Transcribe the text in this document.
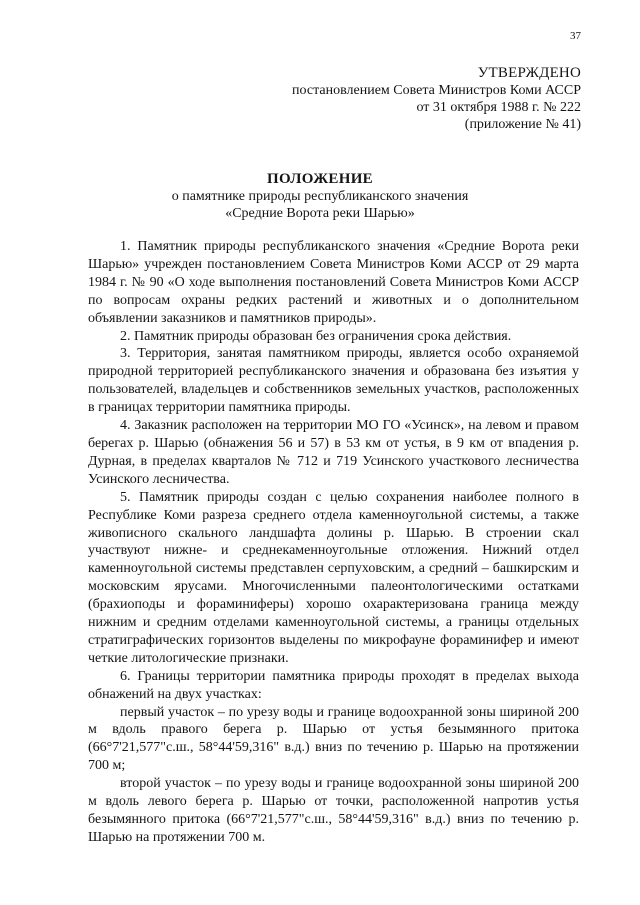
37
УТВЕРЖДЕНО
постановлением Совета Министров Коми АССР
от 31 октября 1988 г. № 222
(приложение № 41)
ПОЛОЖЕНИЕ
о памятнике природы республиканского значения
«Средние Ворота реки Шарью»

1. Памятник природы республиканского значения «Средние Ворота реки Шарью» учрежден постановлением Совета Министров Коми АССР от 29 марта 1984 г. № 90 «О ходе выполнения постановлений Совета Министров Коми АССР по вопросам охраны редких растений и животных и о дополнительном объявлении заказников и памятников природы».

2. Памятник природы образован без ограничения срока действия.

3. Территория, занятая памятником природы, является особо охраняемой природной территорией республиканского значения и образована без изъятия у пользователей, владельцев и собственников земельных участков, расположенных в границах территории памятника природы.

4. Заказник расположен на территории МО ГО «Усинск», на левом и правом берегах р. Шарью (обнажения 56 и 57) в 53 км от устья, в 9 км от впадения р. Дурная, в пределах кварталов № 712 и 719 Усинского участкового лесничества Усинского лесничества.

5. Памятник природы создан с целью сохранения наиболее полного в Республике Коми разреза среднего отдела каменноугольной системы, а также живописного скального ландшафта долины р. Шарью. В строении скал участвуют нижне- и среднекаменноугольные отложения. Нижний отдел каменноугольной системы представлен серпуховским, а средний – башкирским и московским ярусами. Многочисленными палеонтологическими остатками (брахиоподы и фораминиферы) хорошо охарактеризована граница между нижним и средним отделами каменноугольной системы, а границы отдельных стратиграфических горизонтов выделены по микрофауне фораминифер и имеют четкие литологические признаки.

6. Границы территории памятника природы проходят в пределах выхода обнажений на двух участках:

первый участок – по урезу воды и границе водоохранной зоны шириной 200 м вдоль правого берега р. Шарью от устья безымянного притока (66°7'21,577"с.ш., 58°44'59,316" в.д.) вниз по течению р. Шарью на протяжении 700 м;

второй участок – по урезу воды и границе водоохранной зоны шириной 200 м вдоль левого берега р. Шарью от точки, расположенной напротив устья безымянного притока (66°7'21,577"с.ш., 58°44'59,316" в.д.) вниз по течению р. Шарью на протяжении 700 м.
